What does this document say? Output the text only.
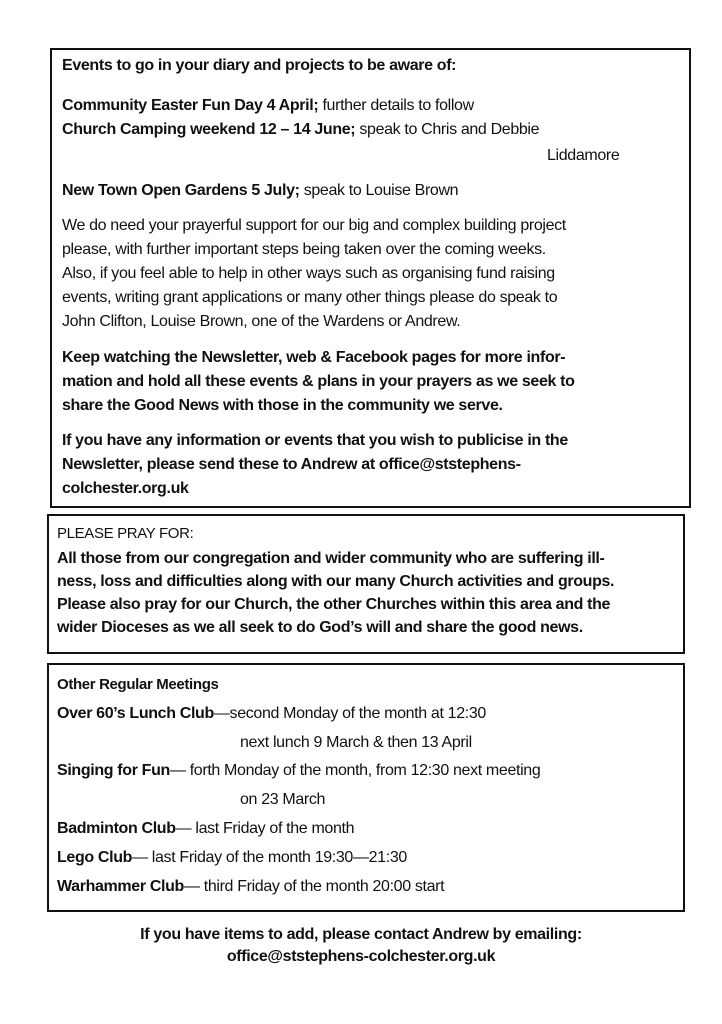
Events to go in your diary and projects to be aware of:
Community Easter Fun Day 4 April; further details to follow
Church Camping weekend 12 – 14 June; speak to Chris and Debbie
Liddamore
New Town Open Gardens 5 July; speak to Louise Brown
We do need your prayerful support for our big and complex building project
please, with further important steps being taken over the coming weeks.
Also, if you feel able to help in other ways such as organising fund raising
events, writing grant applications or many other things please do speak to
John Clifton, Louise Brown, one of the Wardens or Andrew.
Keep watching the Newsletter, web & Facebook pages for more infor-
mation and hold all these events & plans in your prayers as we seek to
share the Good News with those in the community we serve.
If you have any information or events that you wish to publicise in the
Newsletter, please send these to Andrew at office@ststephens-
colchester.org.uk
PLEASE PRAY FOR:
All those from our congregation and wider community who are suffering ill-
ness, loss and difficulties along with our many Church activities and groups.
Please also pray for our Church, the other Churches within this area and the
wider Dioceses as we all seek to do God’s will and share the good news.
Other Regular Meetings
Over 60’s Lunch Club—second Monday of the month at 12:30
next lunch 9 March & then 13 April
Singing for Fun— forth Monday of the month, from 12:30 next meeting
on 23 March
Badminton Club— last Friday of the month
Lego Club— last Friday of the month 19:30—21:30
Warhammer Club— third Friday of the month 20:00 start
If you have items to add, please contact Andrew by emailing:
office@ststephens-colchester.org.uk
